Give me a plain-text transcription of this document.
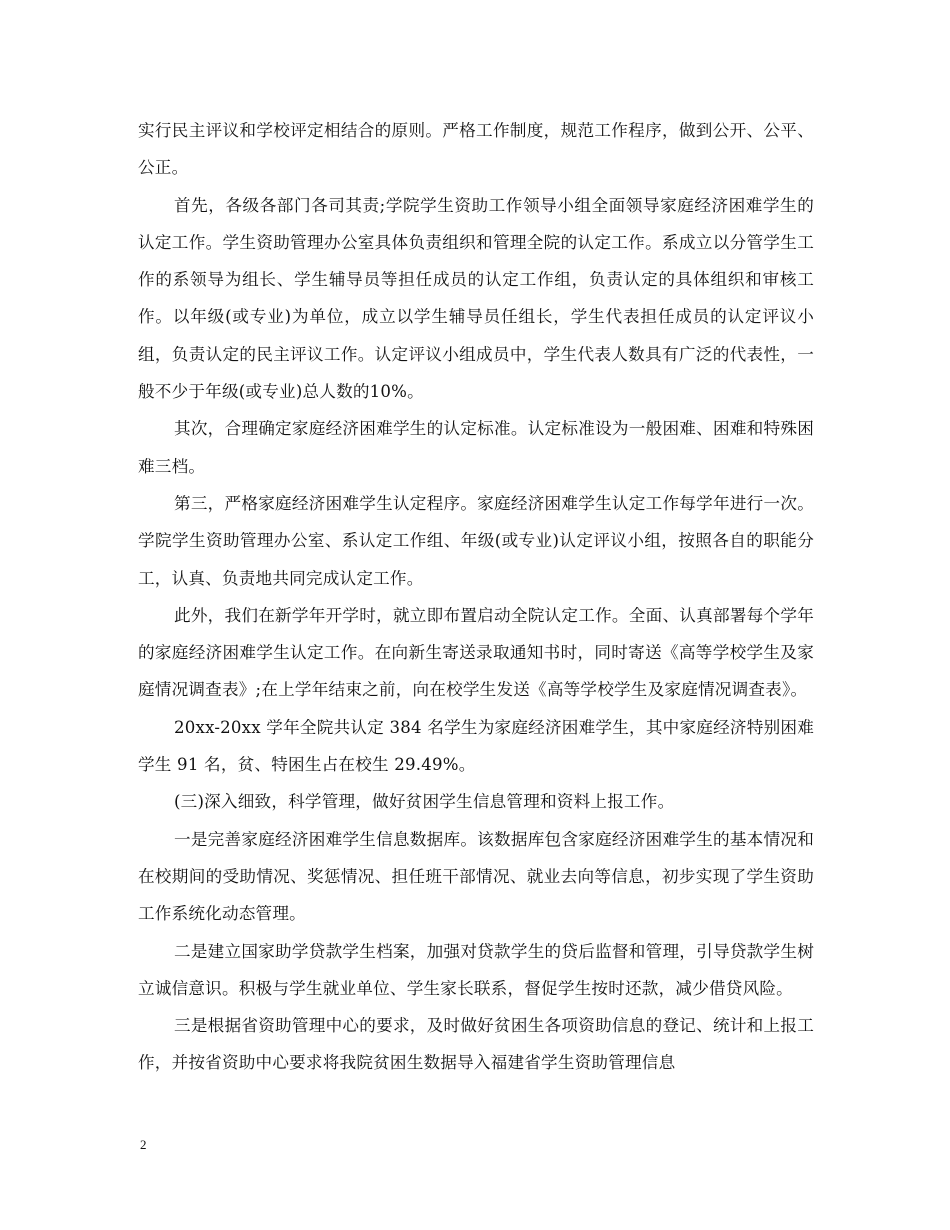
实行民主评议和学校评定相结合的原则。严格工作制度，规范工作程序，做到公开、公平、公正。

首先，各级各部门各司其责;学院学生资助工作领导小组全面领导家庭经济困难学生的认定工作。学生资助管理办公室具体负责组织和管理全院的认定工作。系成立以分管学生工作的系领导为组长、学生辅导员等担任成员的认定工作组，负责认定的具体组织和审核工作。以年级(或专业)为单位，成立以学生辅导员任组长，学生代表担任成员的认定评议小组，负责认定的民主评议工作。认定评议小组成员中，学生代表人数具有广泛的代表性，一般不少于年级(或专业)总人数的10%。

其次，合理确定家庭经济困难学生的认定标准。认定标准设为一般困难、困难和特殊困难三档。

第三，严格家庭经济困难学生认定程序。家庭经济困难学生认定工作每学年进行一次。学院学生资助管理办公室、系认定工作组、年级(或专业)认定评议小组，按照各自的职能分工，认真、负责地共同完成认定工作。

此外，我们在新学年开学时，就立即布置启动全院认定工作。全面、认真部署每个学年的家庭经济困难学生认定工作。在向新生寄送录取通知书时，同时寄送《高等学校学生及家庭情况调查表》;在上学年结束之前，向在校学生发送《高等学校学生及家庭情况调查表》。

20xx-20xx 学年全院共认定 384 名学生为家庭经济困难学生，其中家庭经济特别困难学生 91 名，贫、特困生占在校生 29.49%。

(三)深入细致，科学管理，做好贫困学生信息管理和资料上报工作。

一是完善家庭经济困难学生信息数据库。该数据库包含家庭经济困难学生的基本情况和在校期间的受助情况、奖惩情况、担任班干部情况、就业去向等信息，初步实现了学生资助工作系统化动态管理。

二是建立国家助学贷款学生档案，加强对贷款学生的贷后监督和管理，引导贷款学生树立诚信意识。积极与学生就业单位、学生家长联系，督促学生按时还款，减少借贷风险。

三是根据省资助管理中心的要求，及时做好贫困生各项资助信息的登记、统计和上报工作，并按省资助中心要求将我院贫困生数据导入福建省学生资助管理信息

2
